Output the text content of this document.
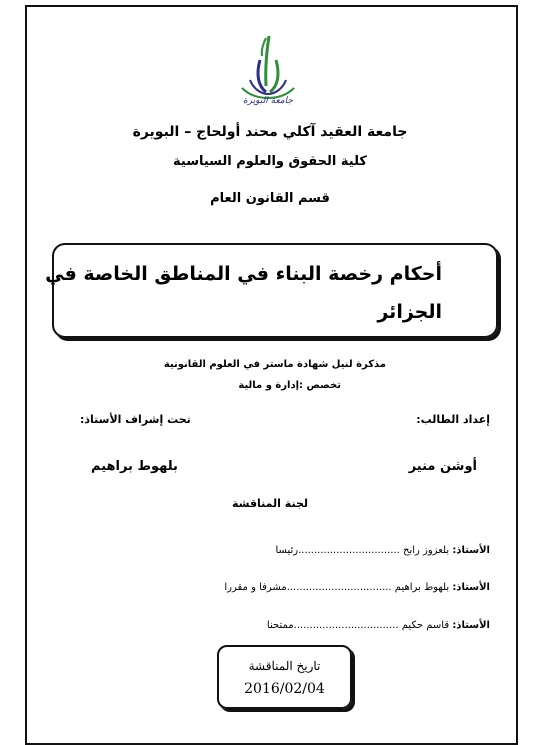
جامعة البويرة
جامعة العقيد آكلي محند أولحاج – البويرة
كلية الحقوق والعلوم السياسية
قسم القانون العام
أحكام رخصة البناء في المناطق الخاصة في
الجزائر
مذكرة لنيل شهادة ماستر في العلوم القانونية
تخصص :إدارة و مالية
إعداد الطالب:
تحت إشراف الأستاذ:
أوشن منير
بلهوط براهيم
لجنة المناقشة
الأستاذ: بلعزوز رابح ................................رئيسا
الأستاذ: بلهوط براهيم .................................مشرفا و مقررا
الأستاذ: قاسم حكيم .................................ممتحنا
تاريخ المناقشة
2016/02/04
